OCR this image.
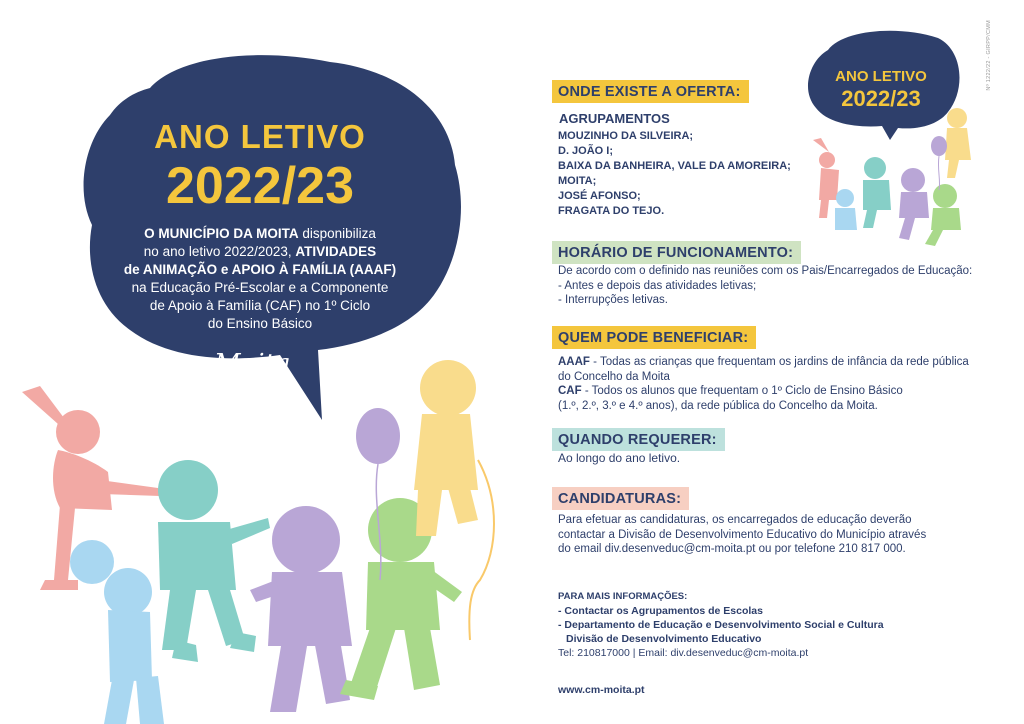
ANO LETIVO
2022/23
O MUNICÍPIO DA MOITA disponibiliza
no ano letivo 2022/2023, ATIVIDADES
de ANIMAÇÃO e APOIO À FAMÍLIA (AAAF)
na Educação Pré-Escolar e a Componente
de Apoio à Família (CAF) no 1º Ciclo
do Ensino Básico
Moita
MUNICÍPIO
ANO LETIVO
2022/23
Nº 1222/22 - GIRPP/CMM
ONDE EXISTE A OFERTA:
AGRUPAMENTOS
MOUZINHO DA SILVEIRA;
D. JOÃO I;
BAIXA DA BANHEIRA, VALE DA AMOREIRA;
MOITA;
JOSÉ AFONSO;
FRAGATA DO TEJO.
HORÁRIO DE FUNCIONAMENTO:
De acordo com o definido nas reuniões com os Pais/Encarregados de Educação:
- Antes e depois das atividades letivas;
- Interrupções letivas.
QUEM PODE BENEFICIAR:
AAAF - Todas as crianças que frequentam os jardins de infância da rede pública
do Concelho da Moita
CAF - Todos os alunos que frequentam o 1º Ciclo de Ensino Básico
(1.º, 2.º, 3.º e 4.º anos), da rede pública do Concelho da Moita.
QUANDO REQUERER:
Ao longo do ano letivo.
CANDIDATURAS:
Para efetuar as candidaturas, os encarregados de educação deverão
contactar a Divisão de Desenvolvimento Educativo do Município através
do email div.desenveduc@cm-moita.pt ou por telefone 210 817 000.
PARA MAIS INFORMAÇÕES:
- Contactar os Agrupamentos de Escolas
- Departamento de Educação e Desenvolvimento Social e Cultura
Divisão de Desenvolvimento Educativo
Tel: 210817000 | Email: div.desenveduc@cm-moita.pt
www.cm-moita.pt
